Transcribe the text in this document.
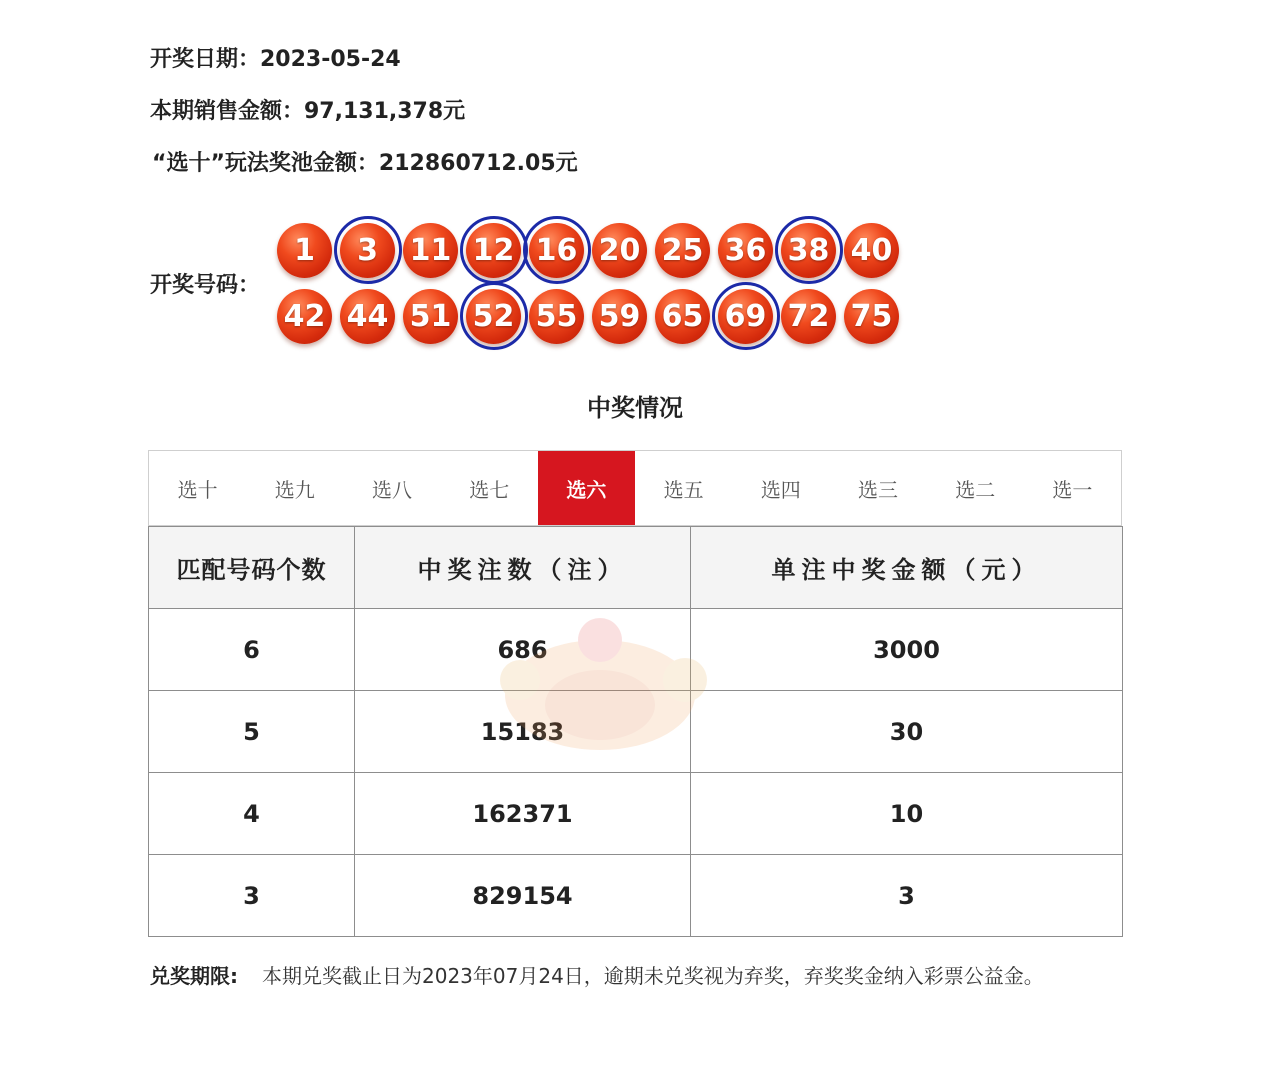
开奖日期：2023-05-24
本期销售金额：97,131,378元
“选十”玩法奖池金额：212860712.05元
开奖号码：
1	3	11 12 16 20 25 36 38 40
42 44 51 52 55 59 65 69 72 75
中奖情况
选十	选九	选八	选七	选六	选五	选四	选三	选二	选一
匹配号码个数	中奖注数（注）	单注中奖金额（元）
6	686	3000
5	15183	30
4	162371	10
3	829154	3
兑奖期限: 本期兑奖截止日为2023年07月24日，逾期未兑奖视为弃奖，弃奖奖金纳入彩票公益金。
